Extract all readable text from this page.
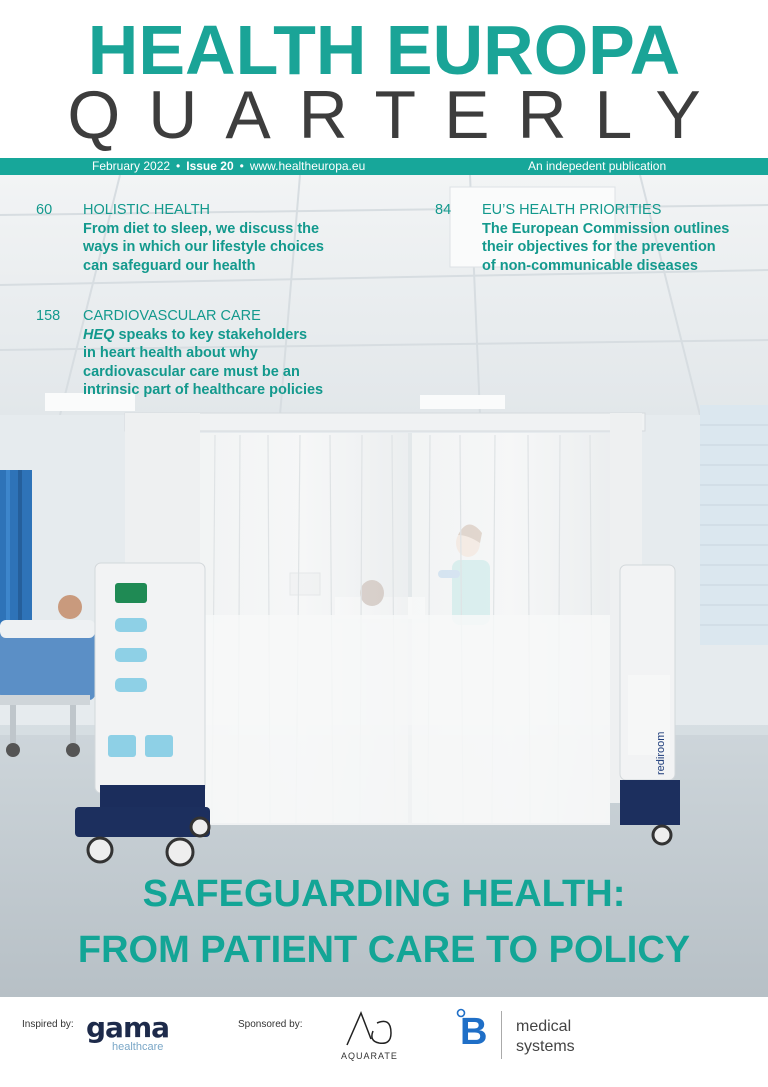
HEALTH EUROPA
QUARTERLY
February 2022 • Issue 20 • www.healtheuropa.eu	An indepedent publication
rediroom
60 HOLISTIC HEALTH
From diet to sleep, we discuss the
ways in which our lifestyle choices
can safeguard our health
84 EU’S HEALTH PRIORITIES
The European Commission outlines
their objectives for the prevention
of non-communicable diseases
158 CARDIOVASCULAR CARE
HEQ speaks to key stakeholders
in heart health about why
cardiovascular care must be an
intrinsic part of healthcare policies
SAFEGUARDING HEALTH:
FROM PATIENT CARE TO POLICY
Inspired by: gama
healthcare
Sponsored by:
AQUARATE
B medical
systems
